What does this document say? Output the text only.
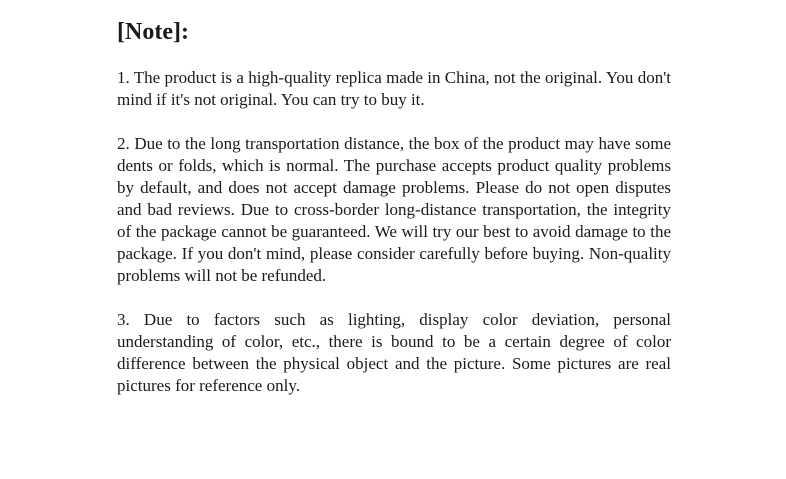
[Note]:

1. The product is a high-quality replica made in China, not the original. You don't mind if it's not original. You can try to buy it.

2. Due to the long transportation distance, the box of the product may have some dents or folds, which is normal. The purchase accepts product quality problems by default, and does not accept damage problems. Please do not open disputes and bad reviews. Due to cross-border long-distance transportation, the integrity of the package cannot be guaranteed. We will try our best to avoid damage to the package. If you don't mind, please consider carefully before buying. Non-quality problems will not be refunded.

3. Due to factors such as lighting, display color deviation, personal understanding of color, etc., there is bound to be a certain degree of color difference between the physical object and the picture. Some pictures are real pictures for reference only.
